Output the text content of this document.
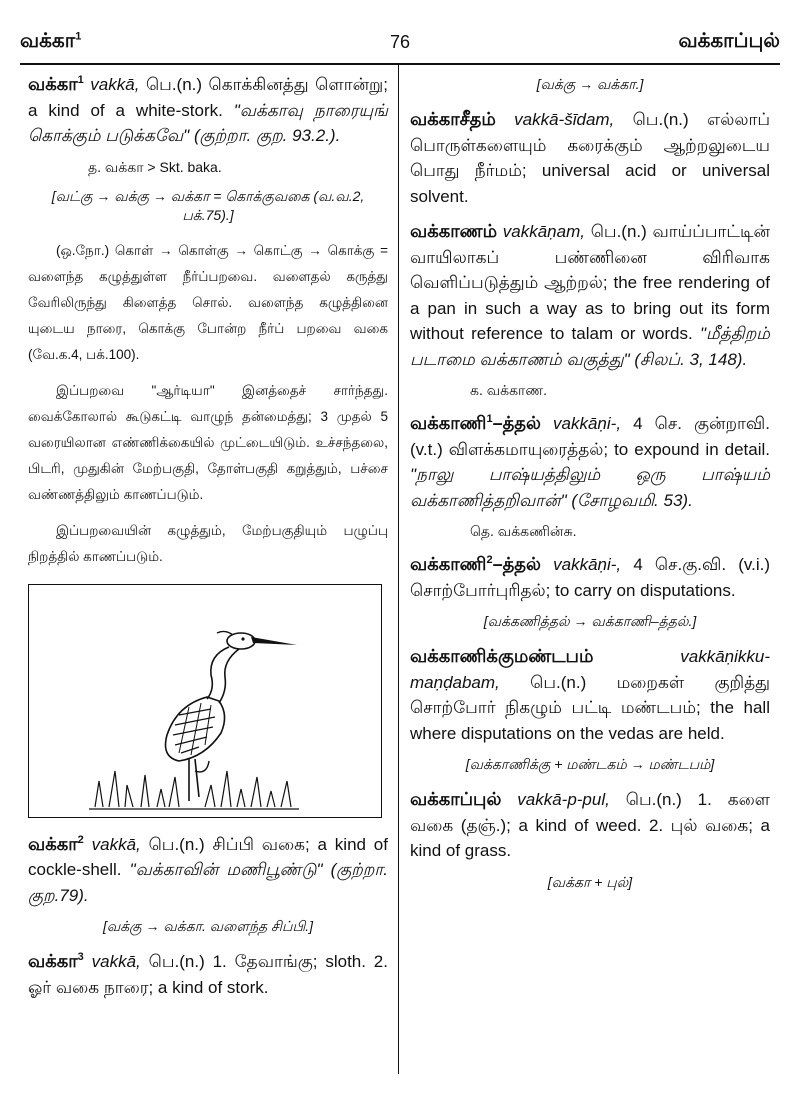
வக்கா$^1$	76	வக்காப்புல்
வக்கா$^1$ vakkā, பெ.(n.) கொக்கினத்து ளொன்று; a kind of a white-stork. "வக்காவு நாரையுங் கொக்கும் படுக்கவே" (குற்றா. குற. 93.2.).
த. வக்கா > Skt. baka.
[வட்கு → வக்கு → வக்கா = கொக்குவகை (வ.வ.2, பக்.75).]
(ஒ.நோ.) கொள் → கொள்கு → கொட்கு → கொக்கு = வளைந்த கழுத்துள்ள நீர்ப்பறவை. வளைதல் கருத்து வேரிலிருந்து கிளைத்த சொல். வளைந்த கழுத்தினை யுடைய நாரை, கொக்கு போன்ற நீர்ப் பறவை வகை (வே.க.4, பக்.100).
இப்பறவை "ஆர்டியா" இனத்தைச் சார்ந்தது. வைக்கோலால் கூடுகட்டி வாழுந் தன்மைத்து; 3 முதல் 5 வரையிலான எண்ணிக்கையில் முட்டையிடும். உச்சந்தலை, பிடரி, முதுகின் மேற்பகுதி, தோள்பகுதி கறுத்தும், பச்சை வண்ணத்திலும் காணப்படும்.
இப்பறவையின் கழுத்தும், மேற்பகுதியும் பழுப்பு நிறத்தில் காணப்படும்.
வக்கா$^2$ vakkā, பெ.(n.) சிப்பி வகை; a kind of cockle-shell. "வக்காவின் மணிபூண்டு" (குற்றா. குற.79).
[வக்கு → வக்கா. வளைந்த சிப்பி.]
வக்கா$^3$ vakkā, பெ.(n.) 1. தேவாங்கு; sloth. 2. ஓர் வகை நாரை; a kind of stork.
[வக்கு → வக்கா.]
வக்காசீதம் vakkā-šīdam, பெ.(n.) எல்லாப் பொருள்களையும் கரைக்கும் ஆற்றலுடைய பொது நீர்மம்; universal acid or universal solvent.
வக்காணம் vakkāṇam, பெ.(n.) வாய்ப்பாட்டின் வாயிலாகப் பண்ணினை விரிவாக வெளிப்படுத்தும் ஆற்றல்; the free rendering of a pan in such a way as to bring out its form without reference to talam or words. "மீத்திறம் படாமை வக்காணம் வகுத்து" (சிலப். 3, 148).
க. வக்காண.
வக்காணி$^1$–த்தல் vakkāṇi-, 4 செ. குன்றாவி.(v.t.) விளக்கமாயுரைத்தல்; to expound in detail. "நாலு பாஷ்யத்திலும் ஒரு பாஷ்யம் வக்காணித்தறிவான்" (சோழவமி. 53).
தெ. வக்கணின்சு.
வக்காணி$^2$–த்தல் vakkāṇi-, 4 செ.கு.வி. (v.i.) சொற்போர்புரிதல்; to carry on disputations.
[வக்கணித்தல் → வக்காணி–த்தல்.]
வக்காணிக்குமண்டபம்	vakkāṇikku-maṇḍabam, பெ.(n.) மறைகள் குறித்து சொற்போர் நிகழும் பட்டி மண்டபம்; the hall where disputations on the vedas are held.
[வக்காணிக்கு + மண்டகம் → மண்டபம்]
வக்காப்புல் vakkā-p-pul, பெ.(n.) 1. களை வகை (தஞ்.); a kind of weed. 2. புல் வகை; a kind of grass.
[வக்கா + புல்]
